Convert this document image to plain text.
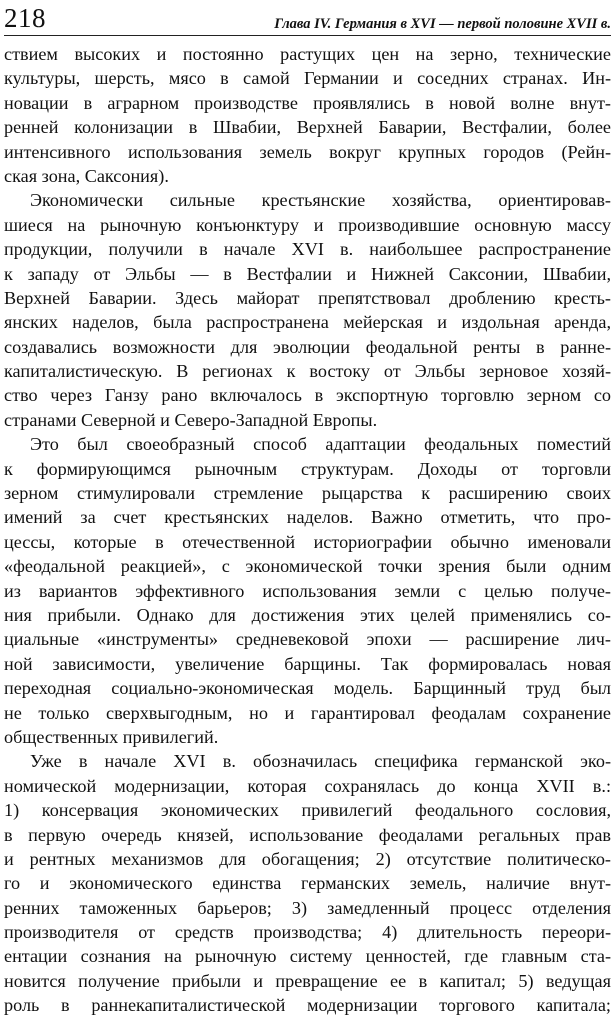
218	Глава IV. Германия в XVI — первой половине XVII в.
ствием высоких и постоянно растущих цен на зерно, технические
культуры, шерсть, мясо в самой Германии и соседних странах. Ин-
новации в аграрном производстве проявлялись в новой волне внут-
ренней колонизации в Швабии, Верхней Баварии, Вестфалии, более
интенсивного использования земель вокруг крупных городов (Рейн-
ская зона, Саксония).
Экономически сильные крестьянские хозяйства, ориентировав-
шиеся на рыночную конъюнктуру и производившие основную массу
продукции, получили в начале XVI в. наибольшее распространение
к западу от Эльбы — в Вестфалии и Нижней Саксонии, Швабии,
Верхней Баварии. Здесь майорат препятствовал дроблению кресть-
янских наделов, была распространена мейерская и издольная аренда,
создавались возможности для эволюции феодальной ренты в ранне-
капиталистическую. В регионах к востоку от Эльбы зерновое хозяй-
ство через Ганзу рано включалось в экспортную торговлю зерном со
странами Северной и Северо-Западной Европы.
Это был своеобразный способ адаптации феодальных поместий
к формирующимся рыночным структурам. Доходы от торговли
зерном стимулировали стремление рыцарства к расширению своих
имений за счет крестьянских наделов. Важно отметить, что про-
цессы, которые в отечественной историографии обычно именовали
«феодальной реакцией», с экономической точки зрения были одним
из вариантов эффективного использования земли с целью получе-
ния прибыли. Однако для достижения этих целей применялись со-
циальные «инструменты» средневековой эпохи — расширение лич-
ной зависимости, увеличение барщины. Так формировалась новая
переходная социально-экономическая модель. Барщинный труд был
не только сверхвыгодным, но и гарантировал феодалам сохранение
общественных привилегий.
Уже в начале XVI в. обозначилась специфика германской эко-
номической модернизации, которая сохранялась до конца XVII в.:
1) консервация экономических привилегий феодального сословия,
в первую очередь князей, использование феодалами регальных прав
и рентных механизмов для обогащения; 2) отсутствие политическо-
го и экономического единства германских земель, наличие внут-
ренних таможенных барьеров; 3) замедленный процесс отделения
производителя от средств производства; 4) длительность переори-
ентации сознания на рыночную систему ценностей, где главным ста-
новится получение прибыли и превращение ее в капитал; 5) ведущая
роль в раннекапиталистической модернизации торгового капитала;
